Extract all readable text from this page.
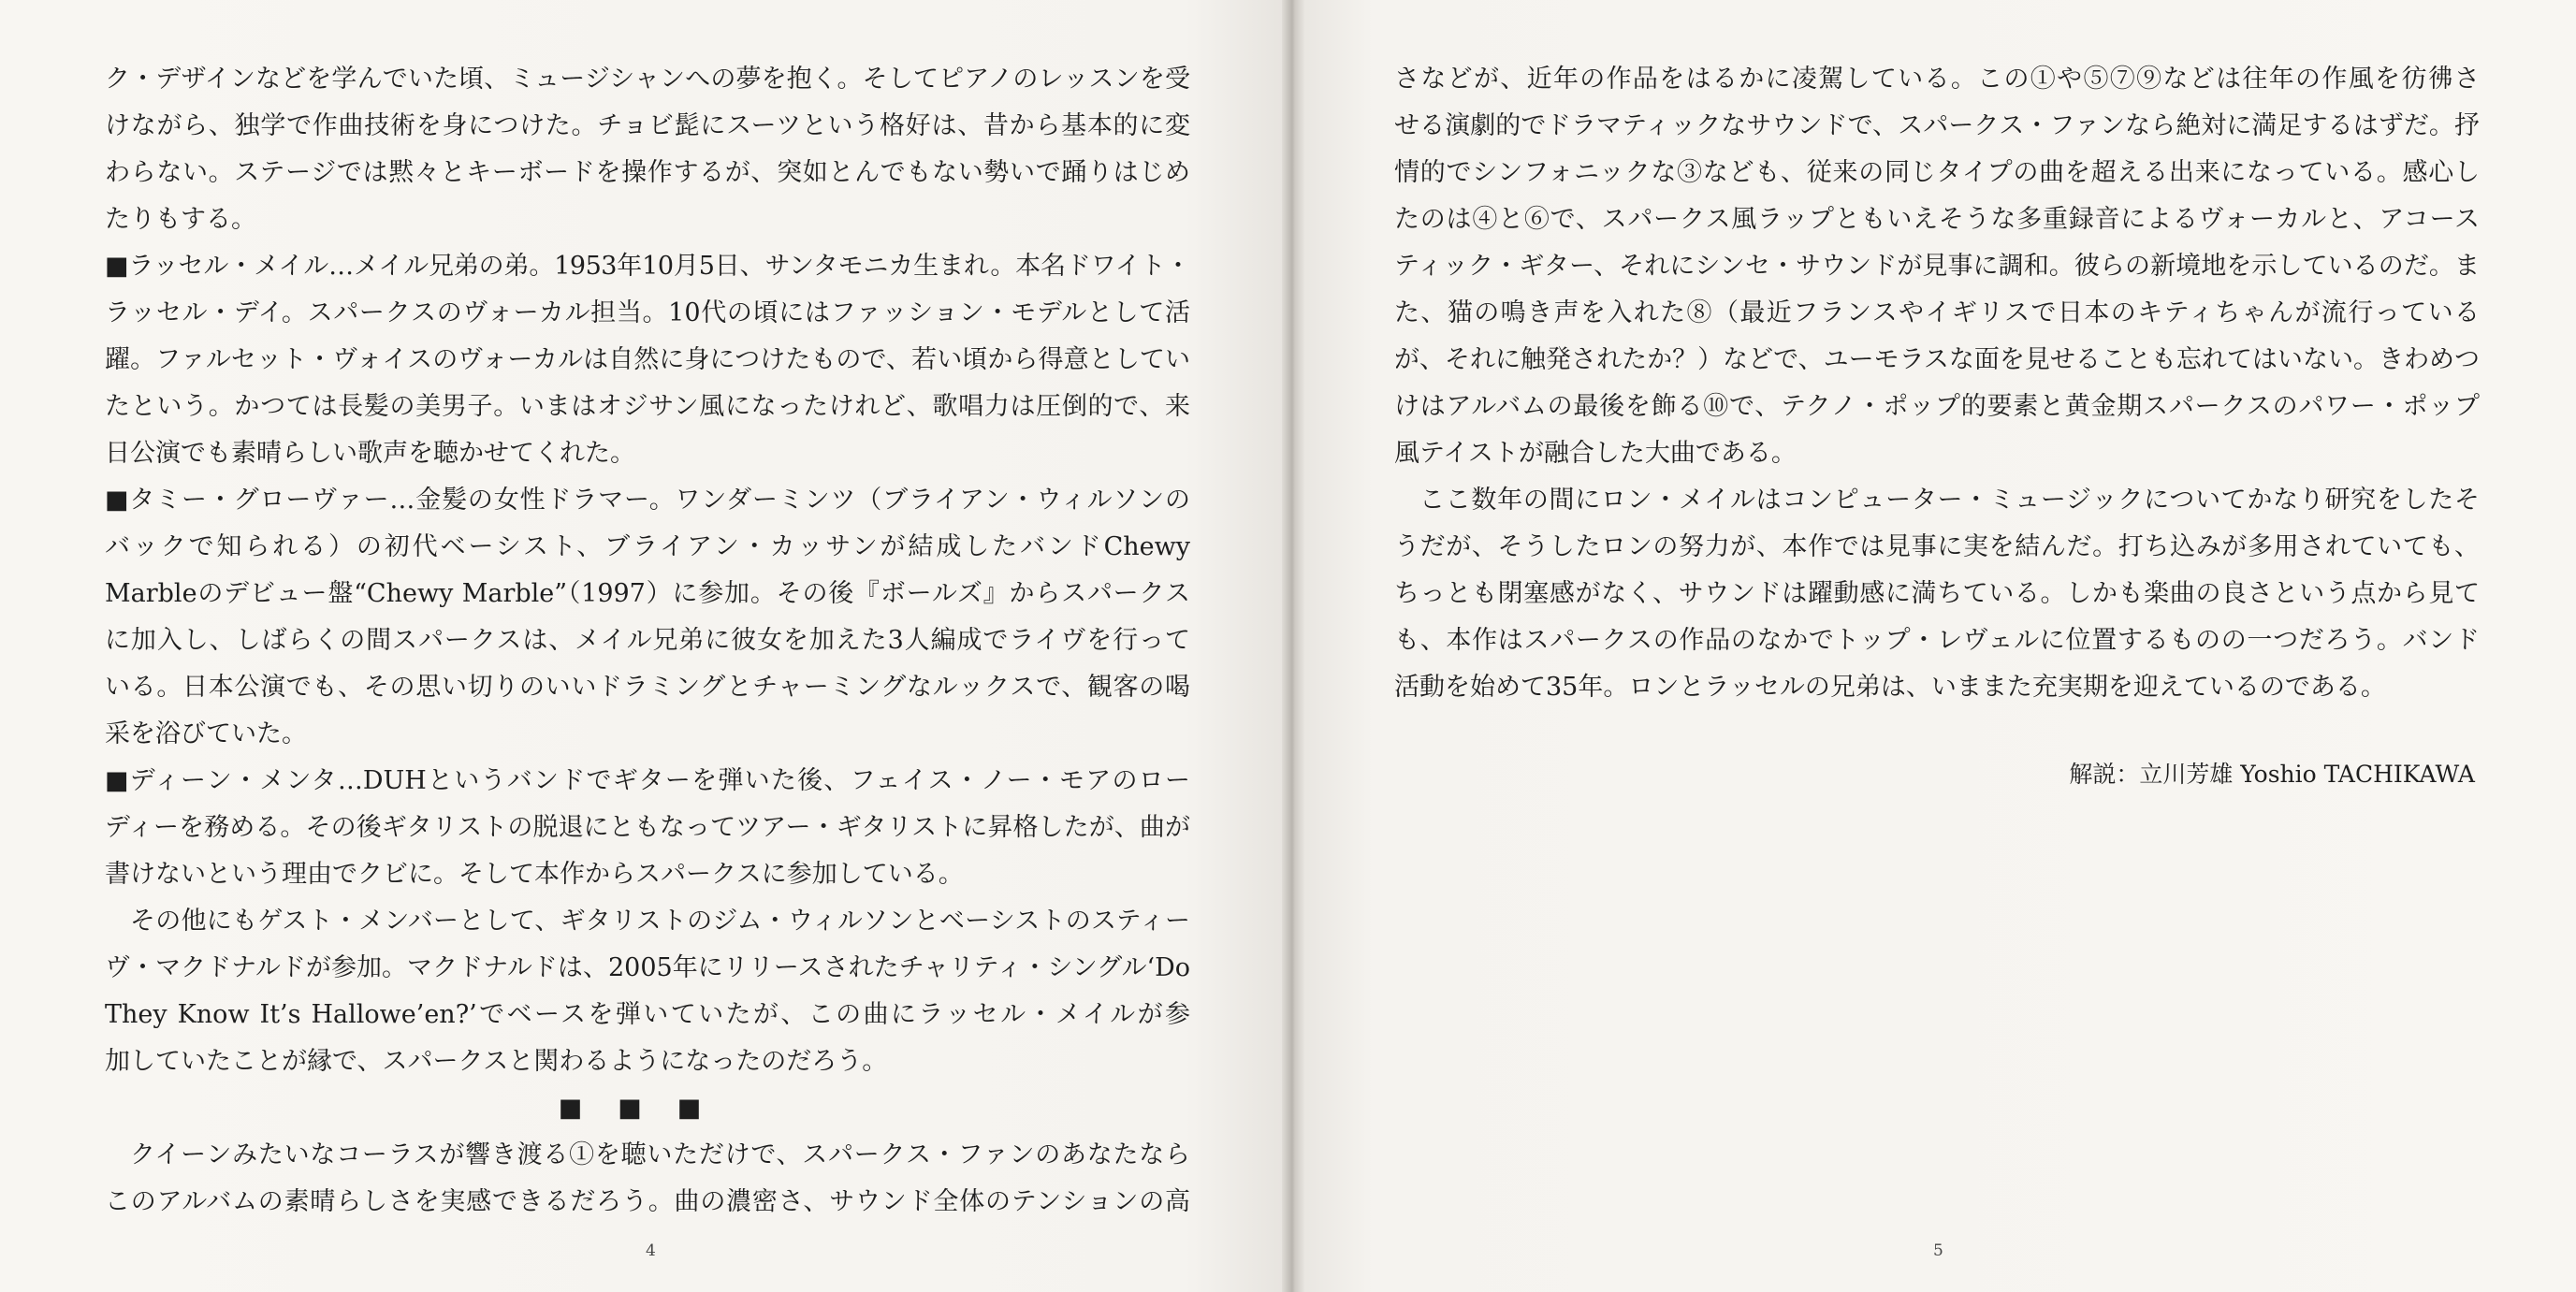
ク・デザインなどを学んでいた頃、ミュージシャンへの夢を抱く。そしてピアノのレッスンを受
けながら、独学で作曲技術を身につけた。チョビ髭にスーツという格好は、昔から基本的に変
わらない。ステージでは黙々とキーボードを操作するが、突如とんでもない勢いで踊りはじめ
たりもする。
■ラッセル・メイル…メイル兄弟の弟。1953年10月5日、サンタモニカ生まれ。本名ドワイト・
ラッセル・デイ。スパークスのヴォーカル担当。10代の頃にはファッション・モデルとして活
躍。ファルセット・ヴォイスのヴォーカルは自然に身につけたもので、若い頃から得意としてい
たという。かつては長髪の美男子。いまはオジサン風になったけれど、歌唱力は圧倒的で、来
日公演でも素晴らしい歌声を聴かせてくれた。
■タミー・グローヴァー…金髪の女性ドラマー。ワンダーミンツ（ブライアン・ウィルソンの
バックで知られる）の初代ベーシスト、ブライアン・カッサンが結成したバンドChewy
Marbleのデビュー盤“Chewy Marble”（1997）に参加。その後『ボールズ』からスパークス
に加入し、しばらくの間スパークスは、メイル兄弟に彼女を加えた3人編成でライヴを行って
いる。日本公演でも、その思い切りのいいドラミングとチャーミングなルックスで、観客の喝
采を浴びていた。
■ディーン・メンタ…DUHというバンドでギターを弾いた後、フェイス・ノー・モアのロー
ディーを務める。その後ギタリストの脱退にともなってツアー・ギタリストに昇格したが、曲が
書けないという理由でクビに。そして本作からスパークスに参加している。
その他にもゲスト・メンバーとして、ギタリストのジム・ウィルソンとベーシストのスティー
ヴ・マクドナルドが参加。マクドナルドは、2005年にリリースされたチャリティ・シングル‘Do
They Know It’s Hallowe’en?’でベースを弾いていたが、この曲にラッセル・メイルが参
加していたことが縁で、スパークスと関わるようになったのだろう。
■■■
クイーンみたいなコーラスが響き渡る①を聴いただけで、スパークス・ファンのあなたなら
このアルバムの素晴らしさを実感できるだろう。曲の濃密さ、サウンド全体のテンションの高
4	5
解説：立川芳雄 Yoshio TACHIKAWA
さなどが、近年の作品をはるかに凌駕している。この①や⑤⑦⑨などは往年の作風を彷彿さ
せる演劇的でドラマティックなサウンドで、スパークス・ファンなら絶対に満足するはずだ。抒
情的でシンフォニックな③なども、従来の同じタイプの曲を超える出来になっている。感心し
たのは④と⑥で、スパークス風ラップともいえそうな多重録音によるヴォーカルと、アコース
ティック・ギター、それにシンセ・サウンドが見事に調和。彼らの新境地を示しているのだ。ま
た、猫の鳴き声を入れた⑧（最近フランスやイギリスで日本のキティちゃんが流行っている
が、それに触発されたか？）などで、ユーモラスな面を見せることも忘れてはいない。きわめつ
けはアルバムの最後を飾る⑩で、テクノ・ポップ的要素と黄金期スパークスのパワー・ポップ
風テイストが融合した大曲である。
ここ数年の間にロン・メイルはコンピューター・ミュージックについてかなり研究をしたそ
うだが、そうしたロンの努力が、本作では見事に実を結んだ。打ち込みが多用されていても、
ちっとも閉塞感がなく、サウンドは躍動感に満ちている。しかも楽曲の良さという点から見て
も、本作はスパークスの作品のなかでトップ・レヴェルに位置するものの一つだろう。バンド
活動を始めて35年。ロンとラッセルの兄弟は、いままた充実期を迎えているのである。
